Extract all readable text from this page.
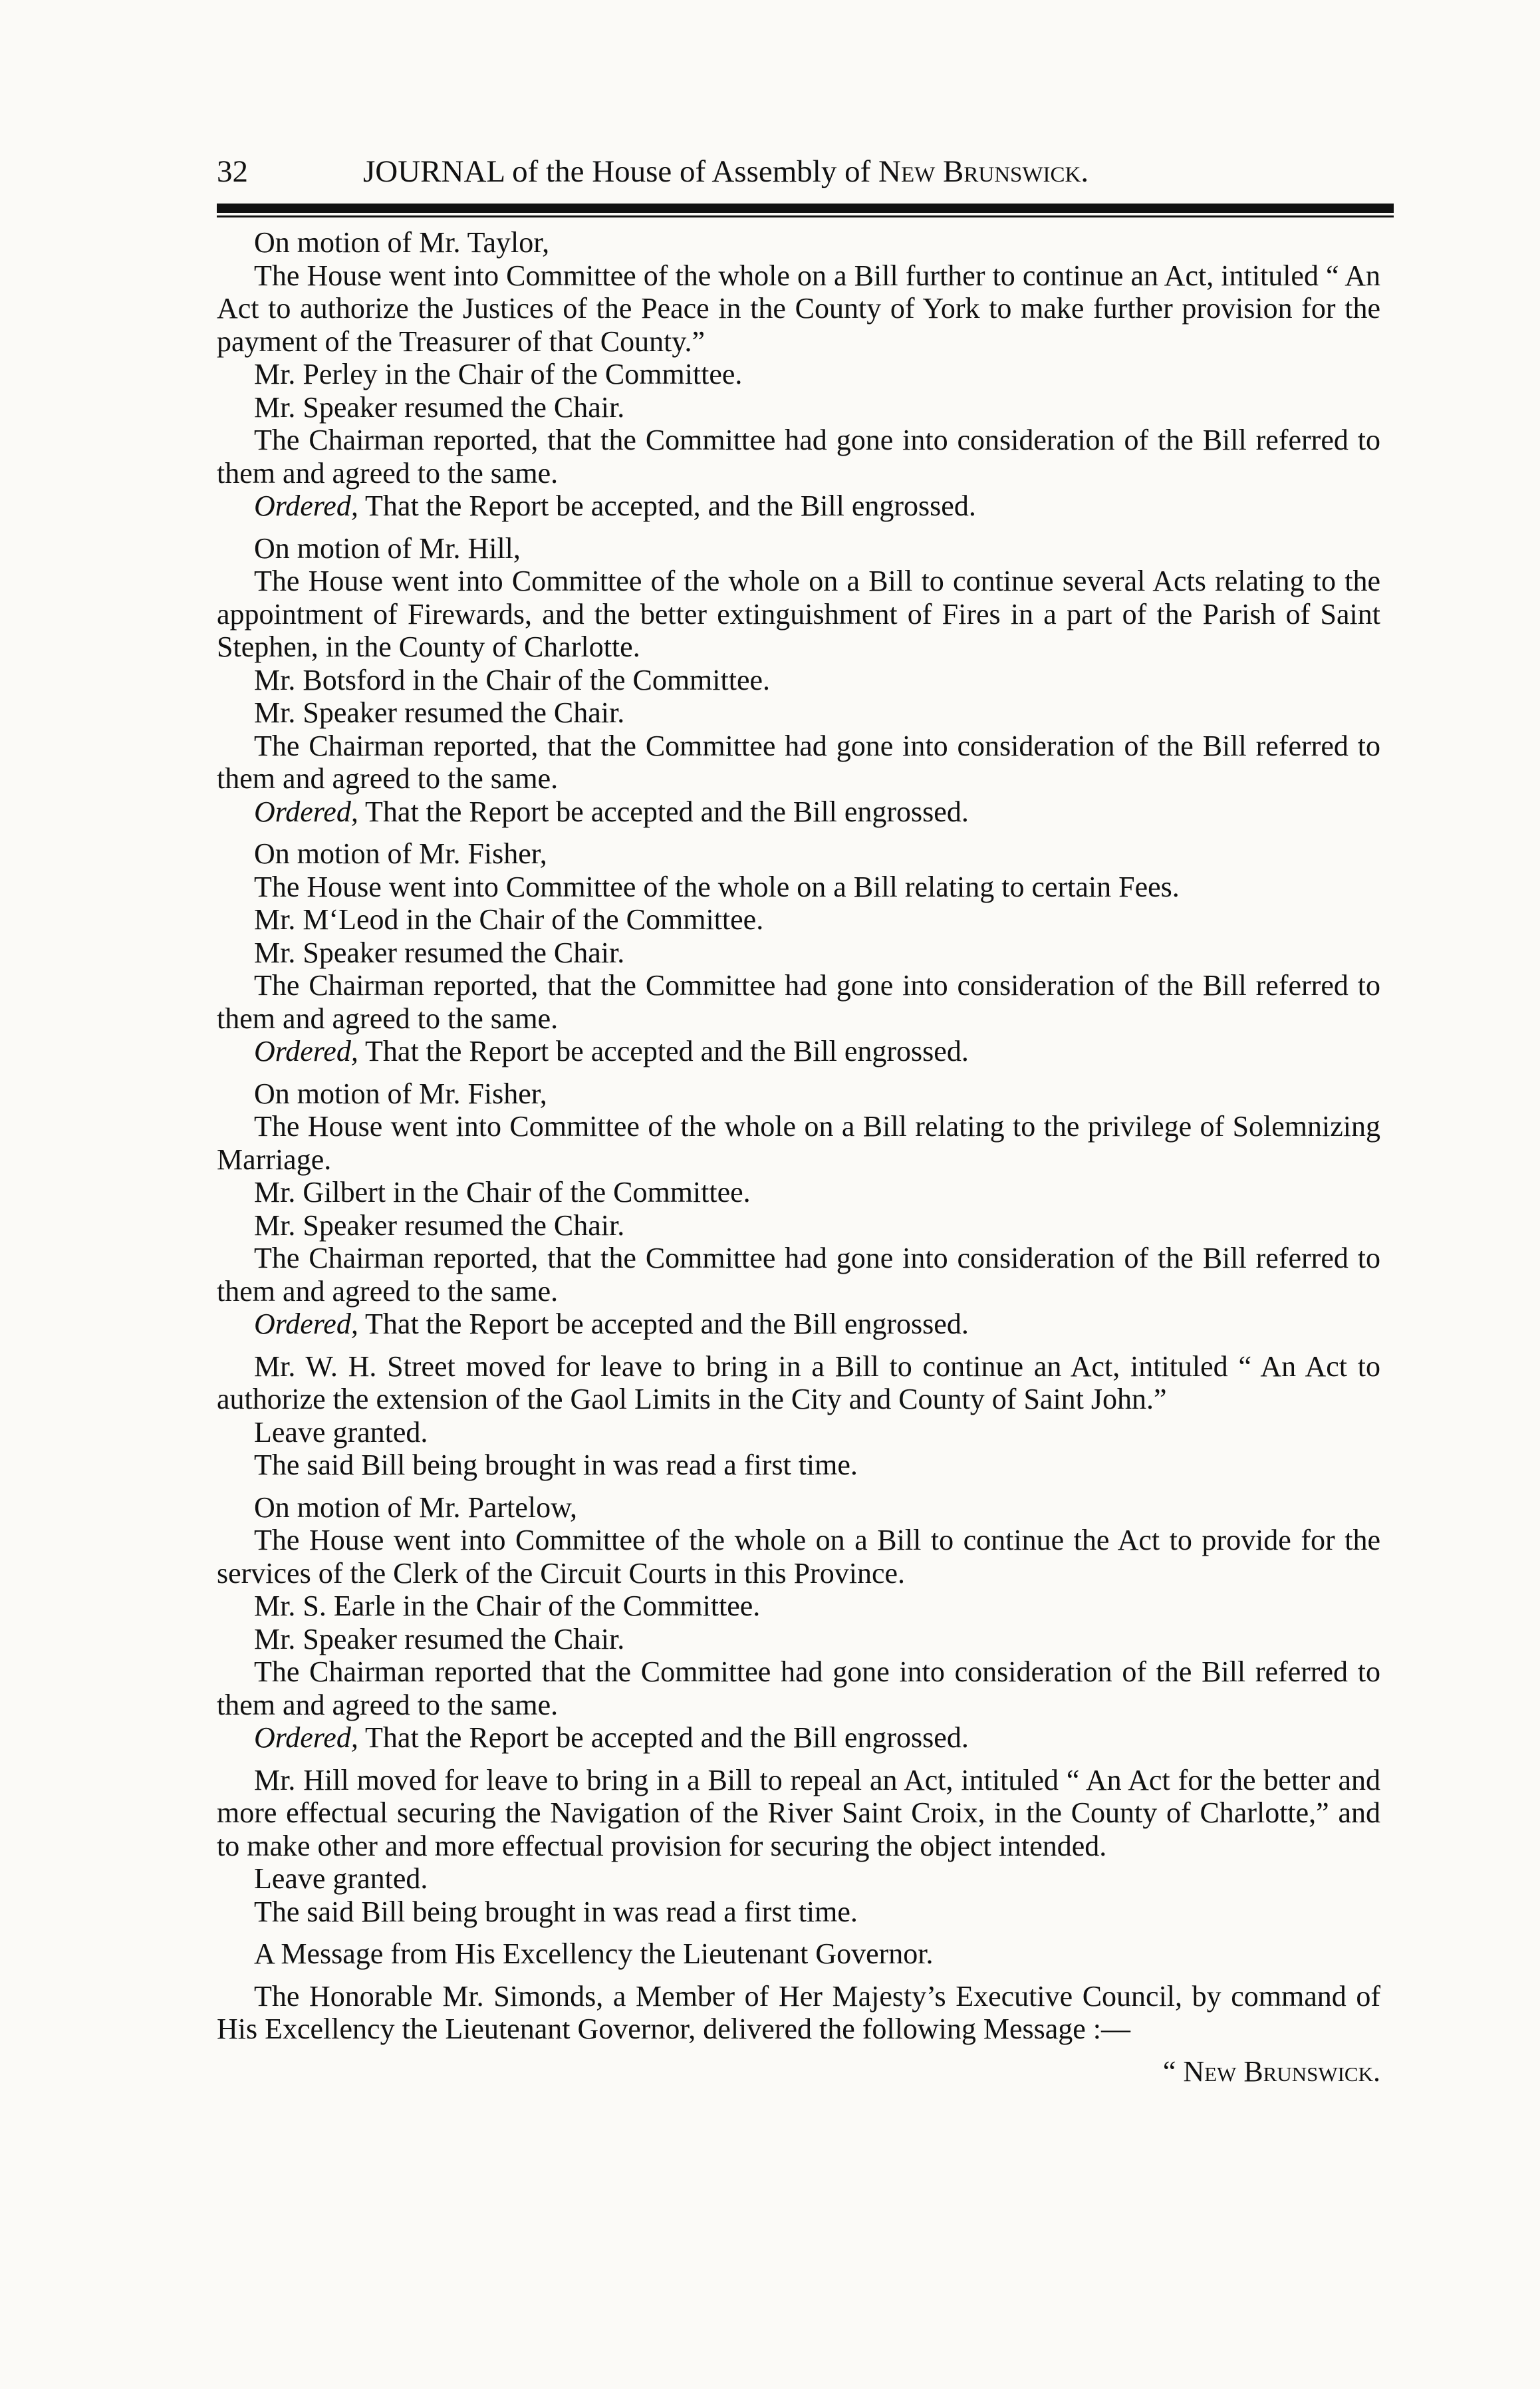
32	JOURNAL of the House of Assembly of New Brunswick.

On motion of Mr. Taylor,

The House went into Committee of the whole on a Bill further to continue an Act, intituled “ An Act to authorize the Justices of the Peace in the County of York to make further provision for the payment of the Treasurer of that County.”

Mr. Perley in the Chair of the Committee.

Mr. Speaker resumed the Chair.

The Chairman reported, that the Committee had gone into consideration of the Bill referred to them and agreed to the same.

Ordered, That the Report be accepted, and the Bill engrossed.

On motion of Mr. Hill,

The House went into Committee of the whole on a Bill to continue several Acts relating to the appointment of Firewards, and the better extinguishment of Fires in a part of the Parish of Saint Stephen, in the County of Charlotte.

Mr. Botsford in the Chair of the Committee.

Mr. Speaker resumed the Chair.

The Chairman reported, that the Committee had gone into consideration of the Bill referred to them and agreed to the same.

Ordered, That the Report be accepted and the Bill engrossed.

On motion of Mr. Fisher,

The House went into Committee of the whole on a Bill relating to certain Fees.

Mr. M‘Leod in the Chair of the Committee.

Mr. Speaker resumed the Chair.

The Chairman reported, that the Committee had gone into consideration of the Bill referred to them and agreed to the same.

Ordered, That the Report be accepted and the Bill engrossed.

On motion of Mr. Fisher,

The House went into Committee of the whole on a Bill relating to the privilege of Solemnizing Marriage.

Mr. Gilbert in the Chair of the Committee.

Mr. Speaker resumed the Chair.

The Chairman reported, that the Committee had gone into consideration of the Bill referred to them and agreed to the same.

Ordered, That the Report be accepted and the Bill engrossed.

Mr. W. H. Street moved for leave to bring in a Bill to continue an Act, intituled “ An Act to authorize the extension of the Gaol Limits in the City and County of Saint John.”

Leave granted.

The said Bill being brought in was read a first time.

On motion of Mr. Partelow,

The House went into Committee of the whole on a Bill to continue the Act to provide for the services of the Clerk of the Circuit Courts in this Province.

Mr. S. Earle in the Chair of the Committee.

Mr. Speaker resumed the Chair.

The Chairman reported that the Committee had gone into consideration of the Bill referred to them and agreed to the same.

Ordered, That the Report be accepted and the Bill engrossed.

Mr. Hill moved for leave to bring in a Bill to repeal an Act, intituled “ An Act for the better and more effectual securing the Navigation of the River Saint Croix, in the County of Charlotte,” and to make other and more effectual provision for securing the object intended.

Leave granted.

The said Bill being brought in was read a first time.

A Message from His Excellency the Lieutenant Governor.

The Honorable Mr. Simonds, a Member of Her Majesty’s Executive Council, by command of His Excellency the Lieutenant Governor, delivered the following Message :—

“ New Brunswick.
